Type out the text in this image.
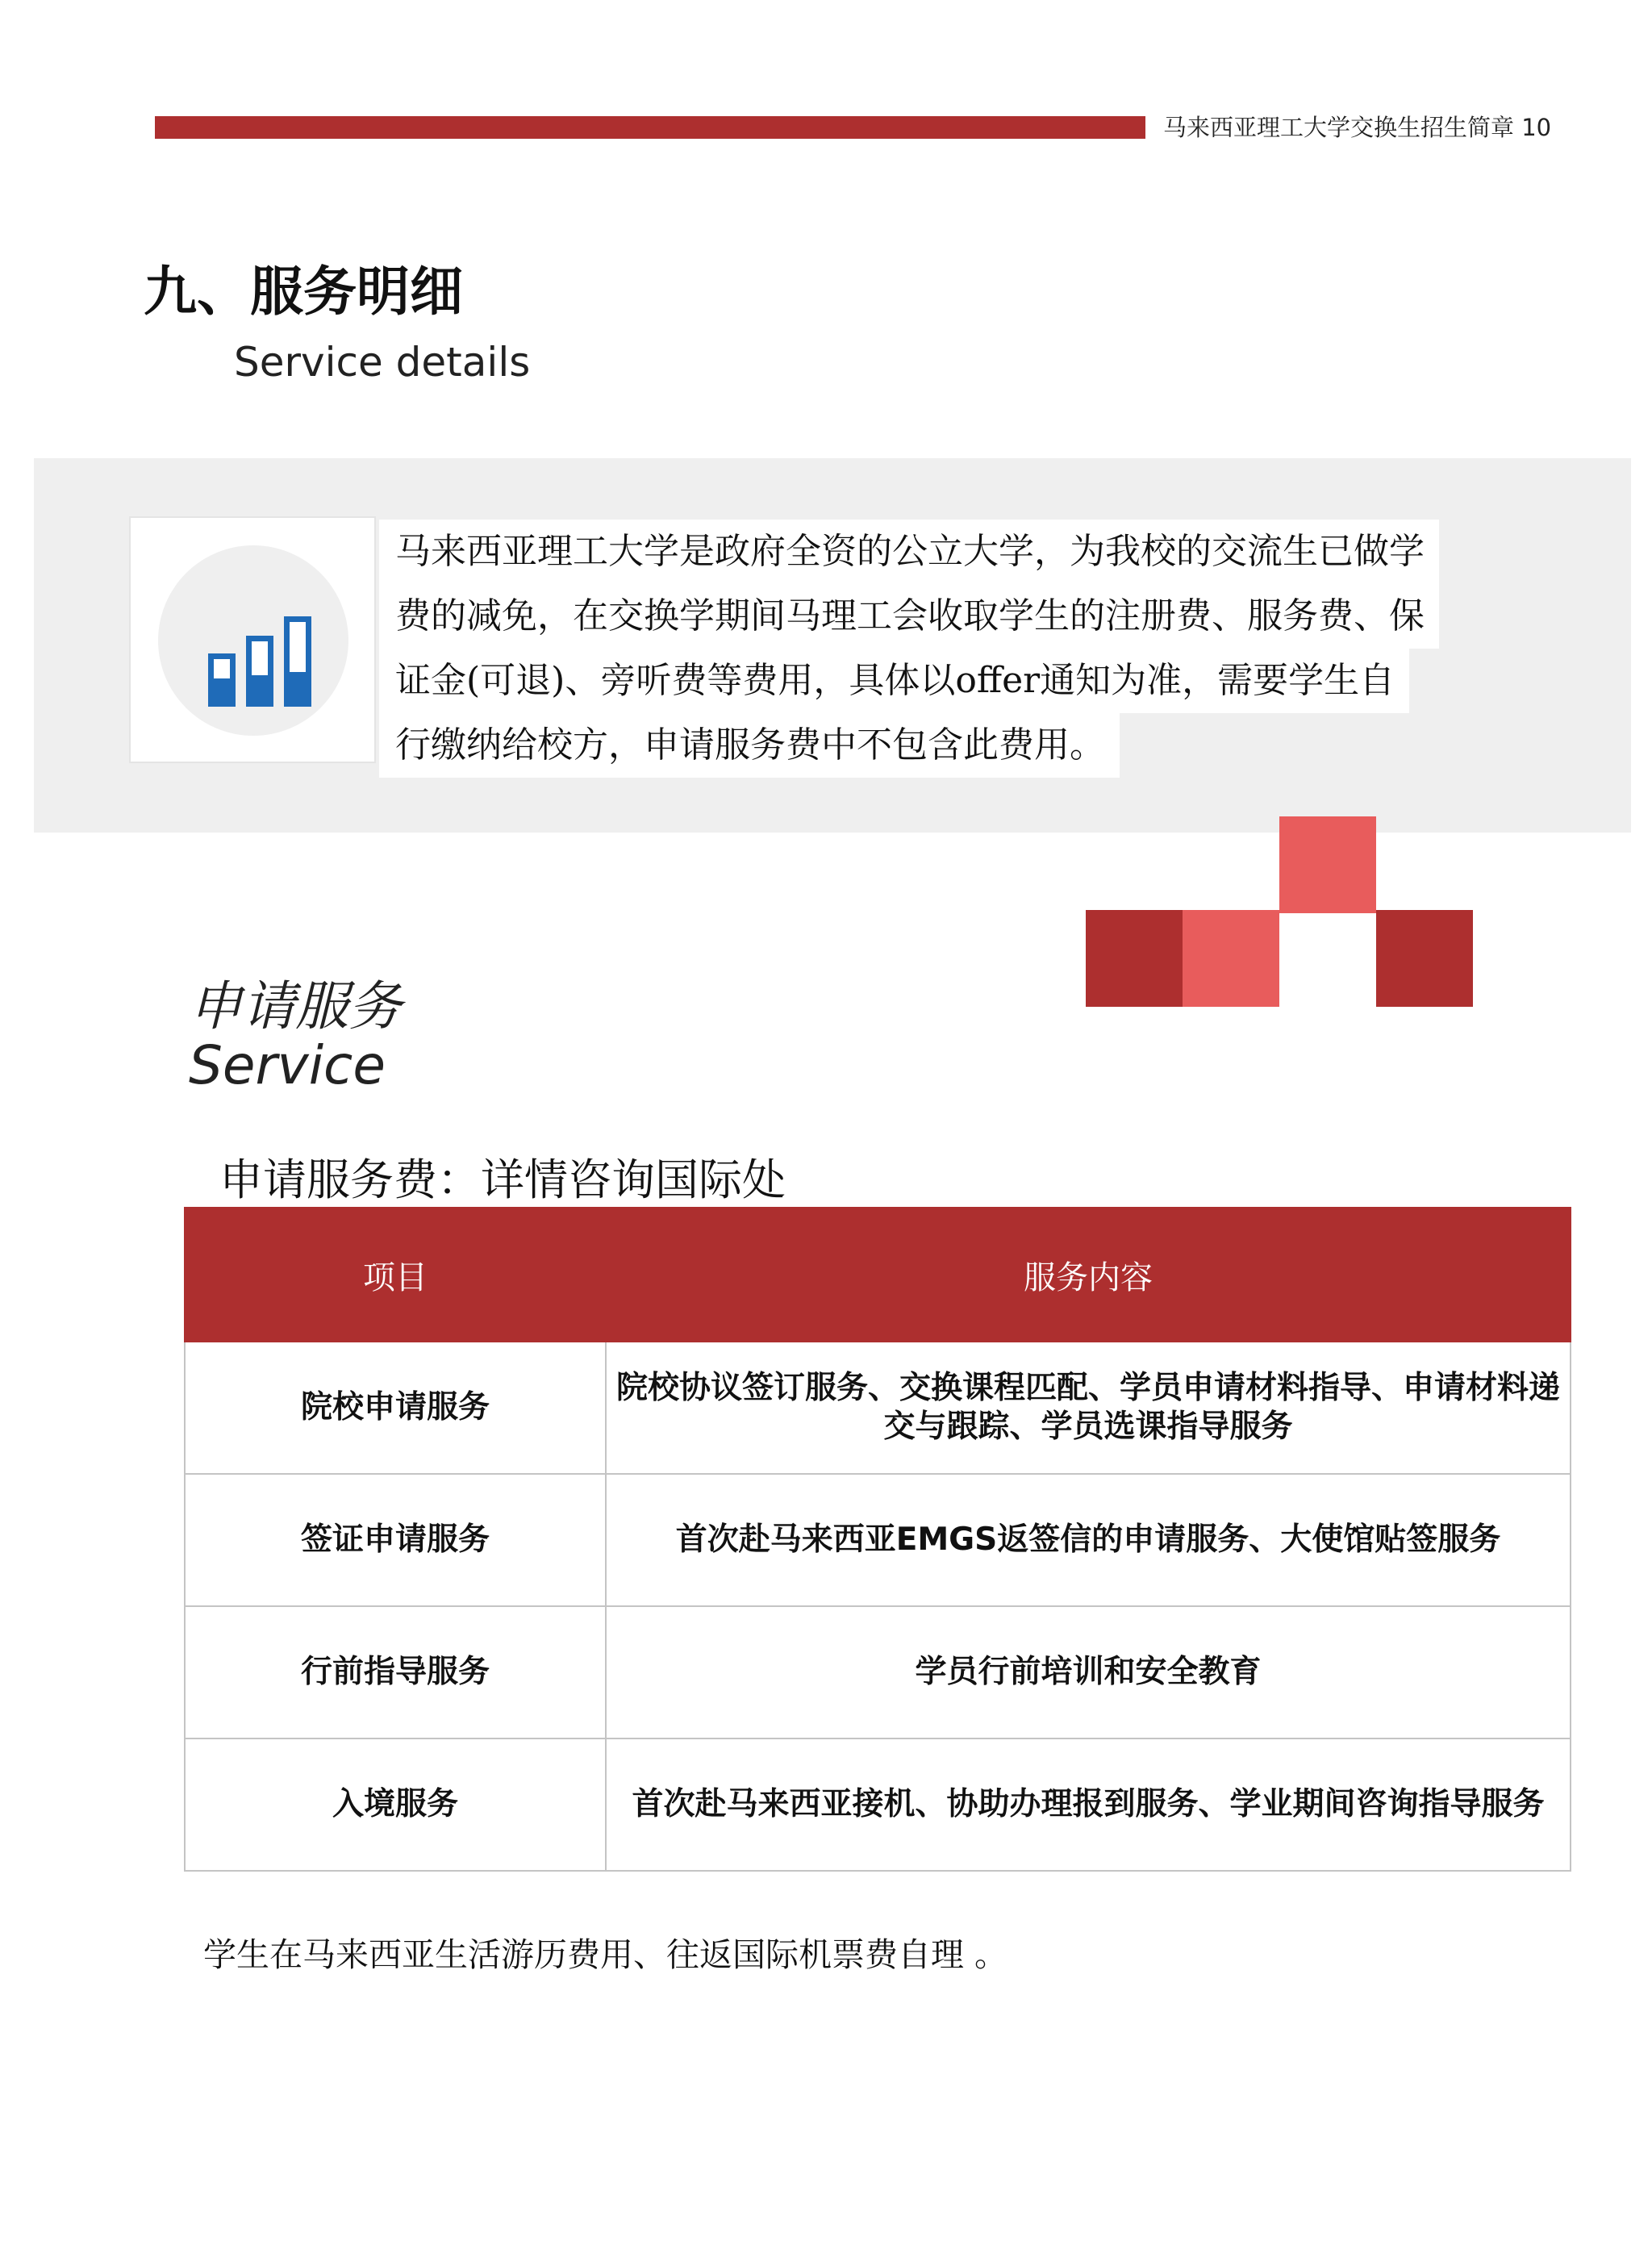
马来西亚理工大学交换生招生简章 10
九、服务明细
Service details
马来西亚理工大学是政府全资的公立大学，为我校的交流生已做学
费的减免，在交换学期间马理工会收取学生的注册费、服务费、保
证金(可退)、旁听费等费用，具体以offer通知为准，需要学生自
行缴纳给校方，申请服务费中不包含此费用。
申请服务
Service
申请服务费：详情咨询国际处
项目	服务内容
院校申请服务	院校协议签订服务、交换课程匹配、学员申请材料指导、申请材料递交与跟踪、学员选课指导服务
签证申请服务	首次赴马来西亚EMGS返签信的申请服务、大使馆贴签服务
行前指导服务	学员行前培训和安全教育
入境服务	首次赴马来西亚接机、协助办理报到服务、学业期间咨询指导服务
学生在马来西亚生活游历费用、往返国际机票费自理 。
